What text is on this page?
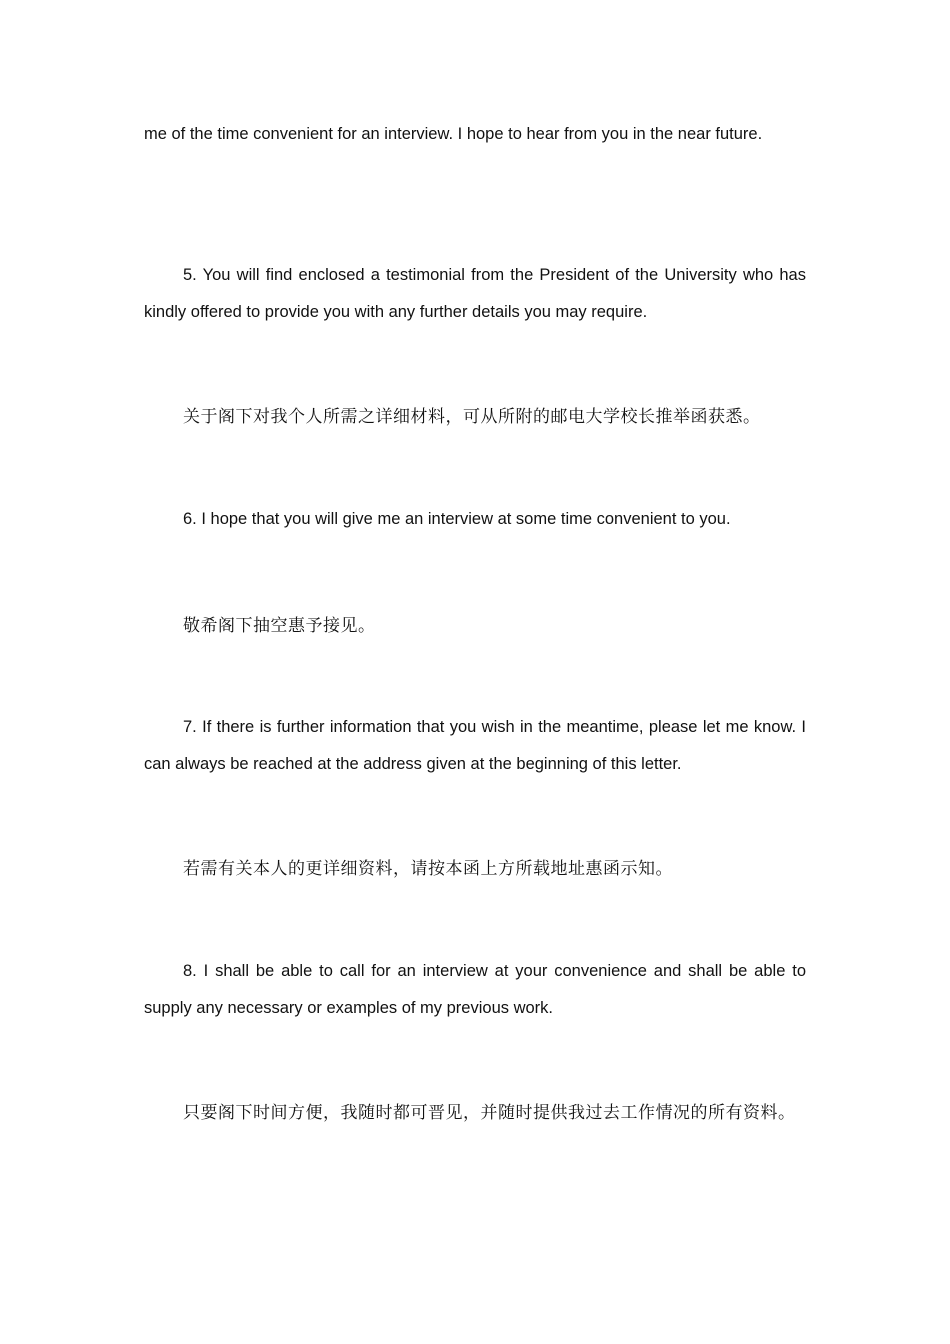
me of the time convenient for an interview. I hope to hear from you in the near future.

5. You will find enclosed a testimonial from the President of the University who has kindly offered to provide you with any further details you may require.

关于阁下对我个人所需之详细材料，可从所附的邮电大学校长推举函获悉。

6. I hope that you will give me an interview at some time convenient to you.

敬希阁下抽空惠予接见。

7. If there is further information that you wish in the meantime, please let me know. I can always be reached at the address given at the beginning of this letter.

若需有关本人的更详细资料，请按本函上方所载地址惠函示知。

8. I shall be able to call for an interview at your convenience and shall be able to supply any necessary or examples of my previous work.

只要阁下时间方便，我随时都可晋见，并随时提供我过去工作情况的所有资料。
